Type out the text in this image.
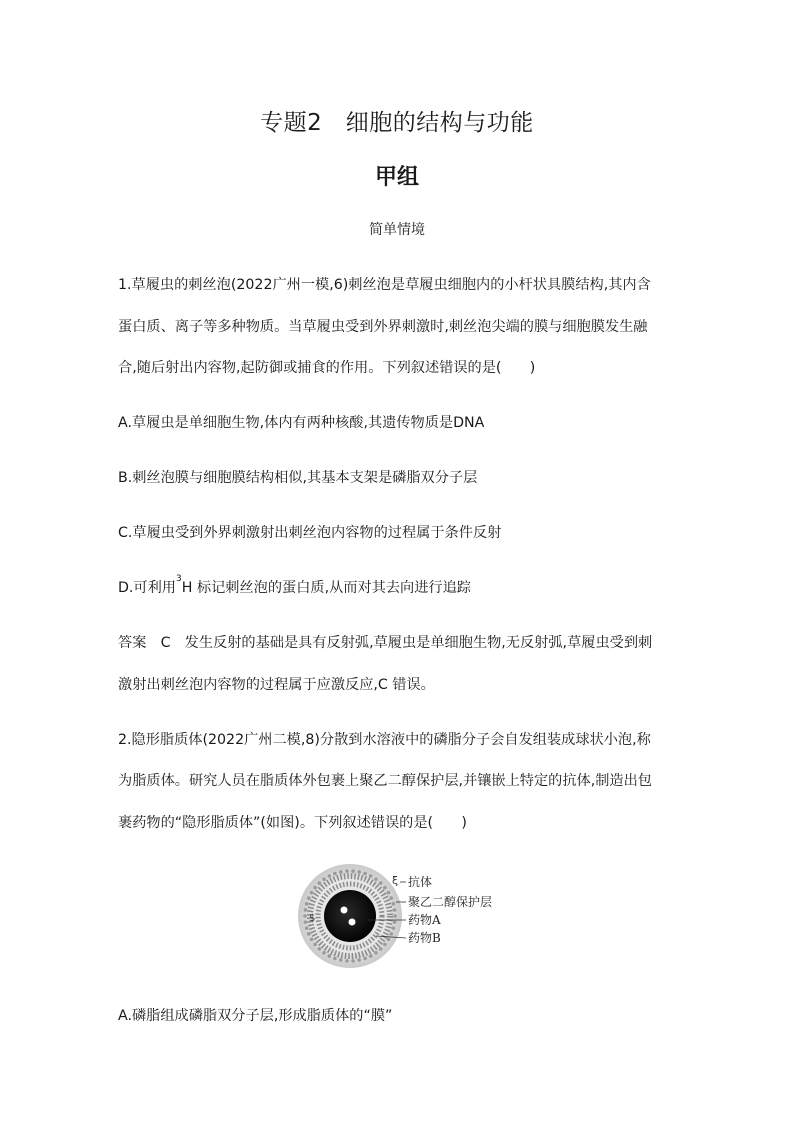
专题2　细胞的结构与功能
甲组
简单情境
1.草履虫的刺丝泡(2022广州一模,6)刺丝泡是草履虫细胞内的小杆状具膜结构,其内含
蛋白质、离子等多种物质。当草履虫受到外界刺激时,刺丝泡尖端的膜与细胞膜发生融
合,随后射出内容物,起防御或捕食的作用。下列叙述错误的是(　　)
A.草履虫是单细胞生物,体内有两种核酸,其遗传物质是DNA
B.刺丝泡膜与细胞膜结构相似,其基本支架是磷脂双分子层
C.草履虫受到外界刺激射出刺丝泡内容物的过程属于条件反射
D.可利用$^3$H 标记刺丝泡的蛋白质,从而对其去向进行追踪
答案　C　发生反射的基础是具有反射弧,草履虫是单细胞生物,无反射弧,草履虫受到刺
激射出刺丝泡内容物的过程属于应激反应,C 错误。
2.隐形脂质体(2022广州二模,8)分散到水溶液中的磷脂分子会自发组装成球状小泡,称
为脂质体。研究人员在脂质体外包裹上聚乙二醇保护层,并镶嵌上特定的抗体,制造出包
裹药物的“隐形脂质体”(如图)。下列叙述错误的是(　　)
$
ξ 抗体
聚乙二醇保护层
药物A
药物B
A.磷脂组成磷脂双分子层,形成脂质体的“膜”
